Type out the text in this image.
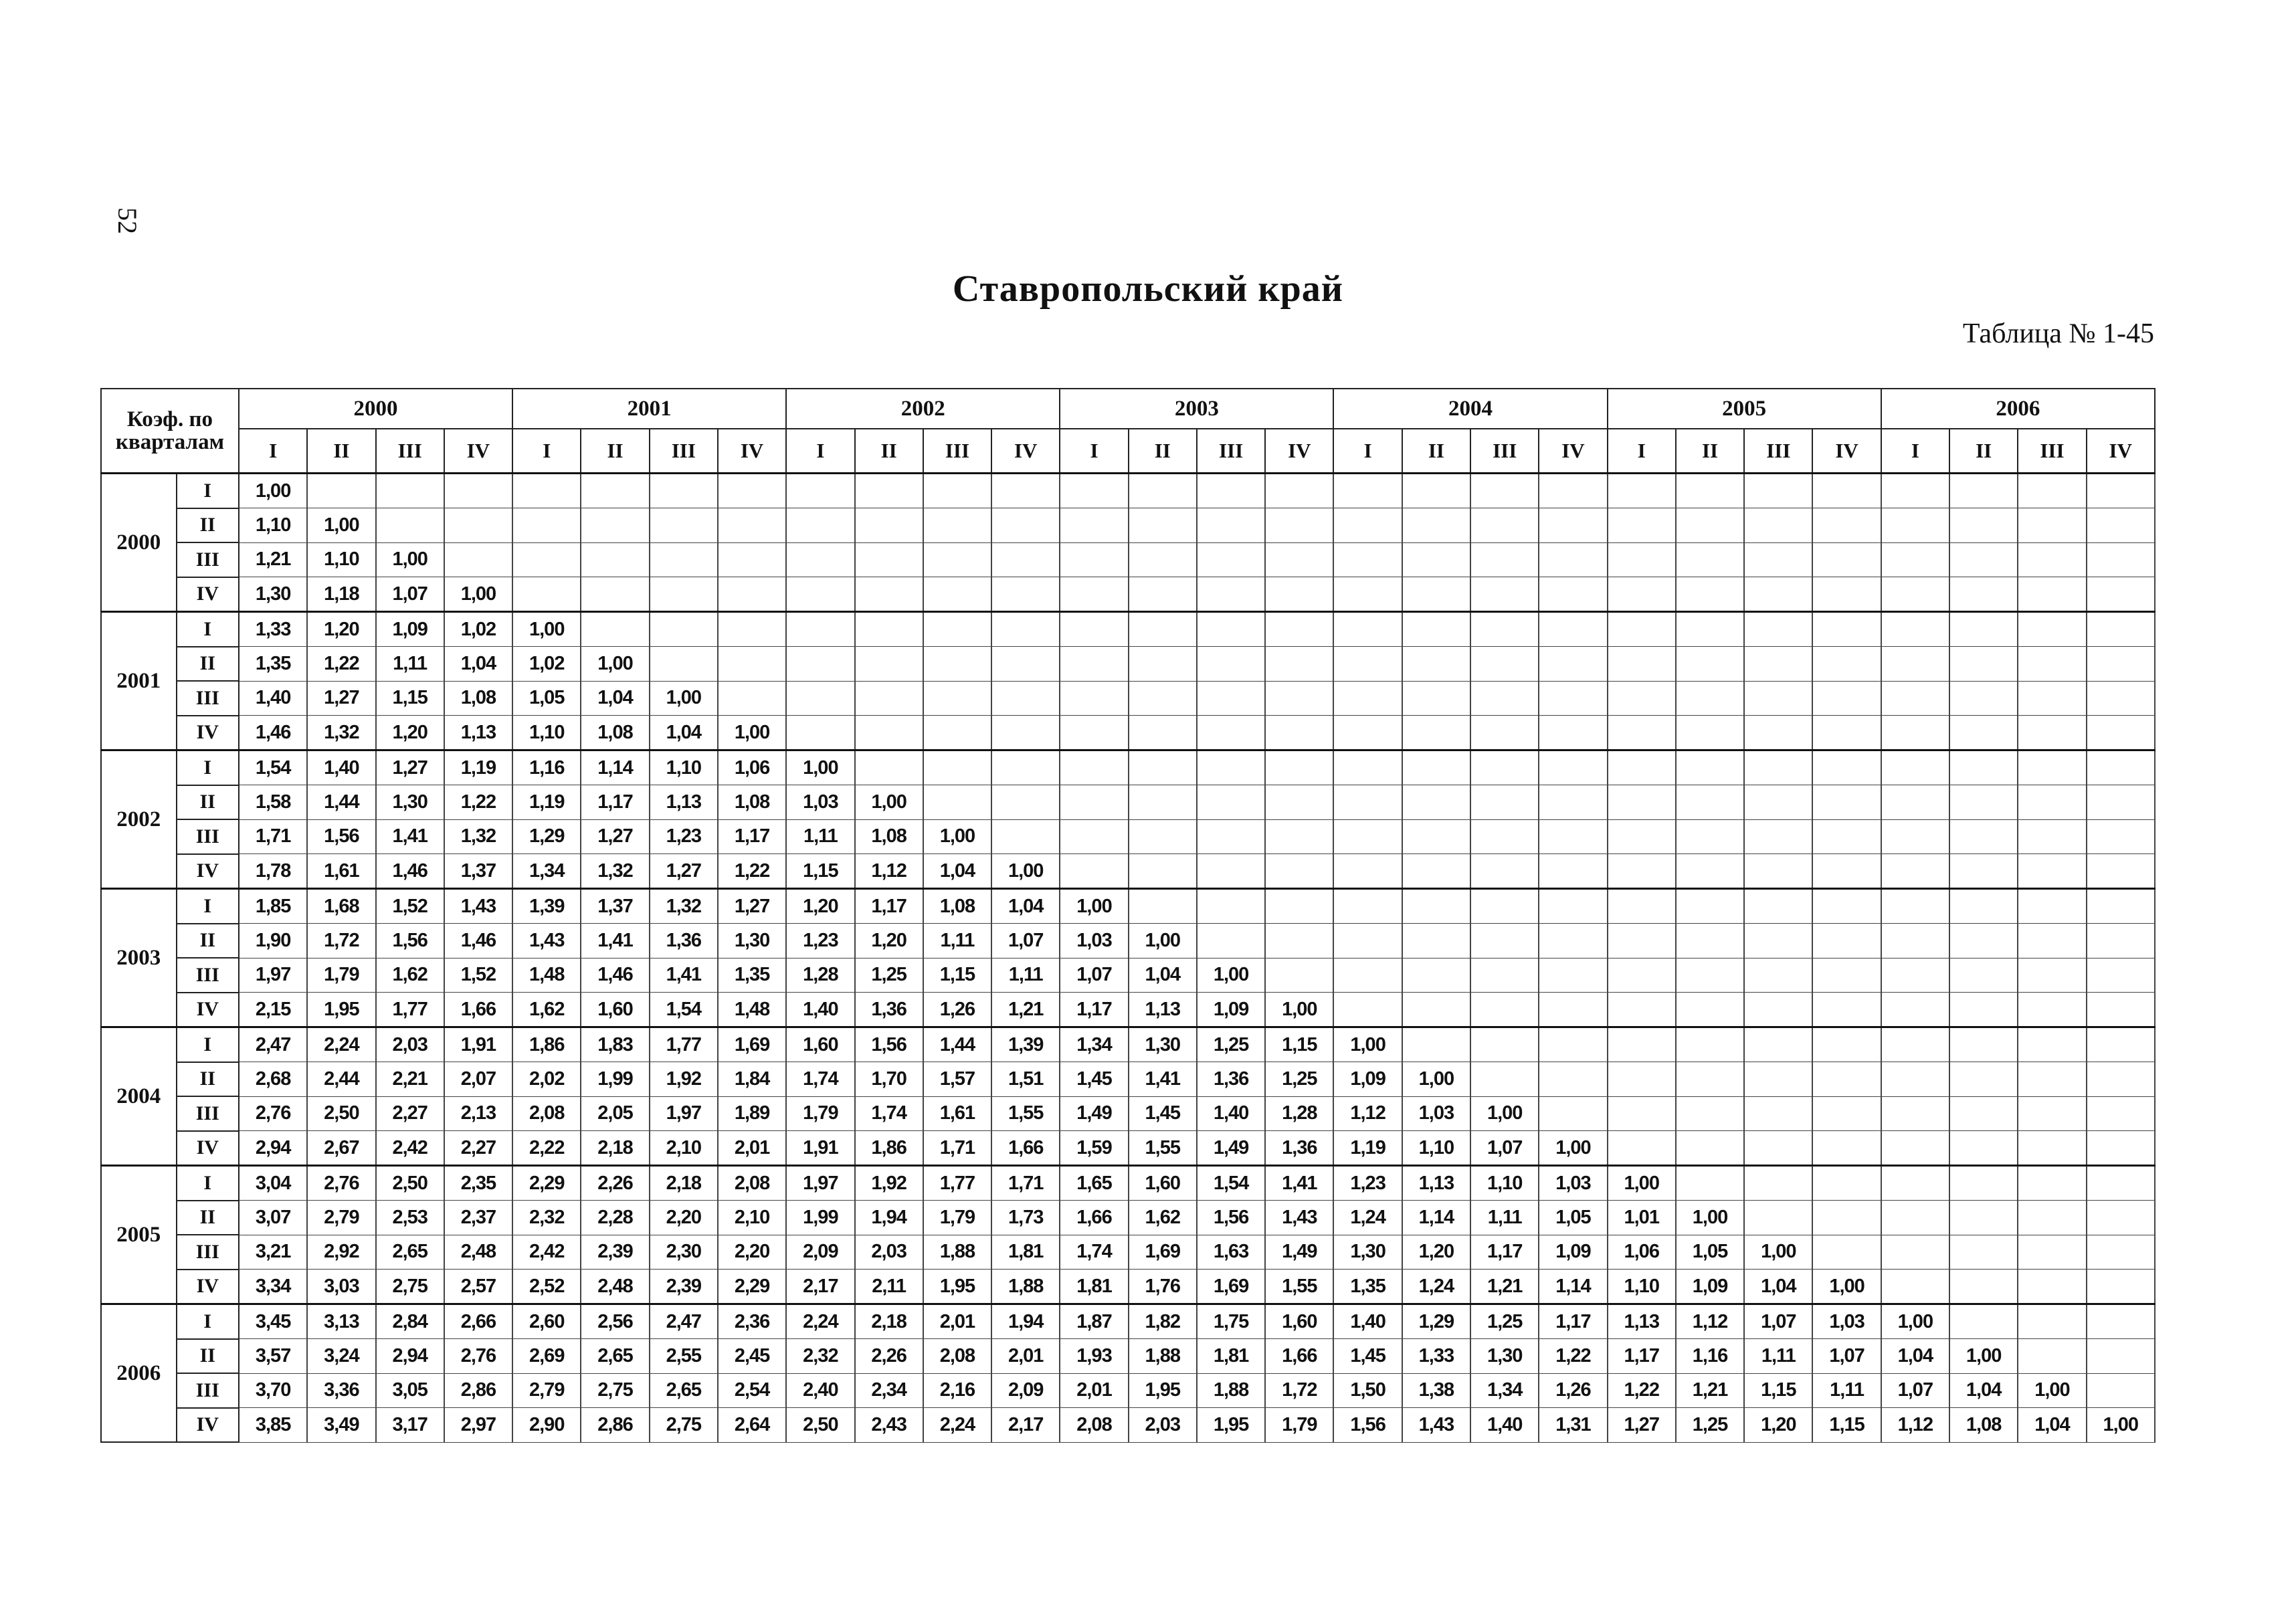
52
Ставропольский край
Таблица № 1-45
Коэф. по кварталам		2000				2001				2002				2003				2004				2005				2006			
		I	II	III	IV	I	II	III	IV	I	II	III	IV	I	II	III	IV	I	II	III	IV	I	II	III	IV	I	II	III	IV
2000	I	1,00																											
	II	1,10	1,00																										
	III	1,21	1,10	1,00																									
	IV	1,30	1,18	1,07	1,00																								
2001	I	1,33	1,20	1,09	1,02	1,00																							
	II	1,35	1,22	1,11	1,04	1,02	1,00																						
	III	1,40	1,27	1,15	1,08	1,05	1,04	1,00																					
	IV	1,46	1,32	1,20	1,13	1,10	1,08	1,04	1,00																				
2002	I	1,54	1,40	1,27	1,19	1,16	1,14	1,10	1,06	1,00																			
	II	1,58	1,44	1,30	1,22	1,19	1,17	1,13	1,08	1,03	1,00																		
	III	1,71	1,56	1,41	1,32	1,29	1,27	1,23	1,17	1,11	1,08	1,00																	
	IV	1,78	1,61	1,46	1,37	1,34	1,32	1,27	1,22	1,15	1,12	1,04	1,00																
2003	I	1,85	1,68	1,52	1,43	1,39	1,37	1,32	1,27	1,20	1,17	1,08	1,04	1,00															
	II	1,90	1,72	1,56	1,46	1,43	1,41	1,36	1,30	1,23	1,20	1,11	1,07	1,03	1,00														
	III	1,97	1,79	1,62	1,52	1,48	1,46	1,41	1,35	1,28	1,25	1,15	1,11	1,07	1,04	1,00													
	IV	2,15	1,95	1,77	1,66	1,62	1,60	1,54	1,48	1,40	1,36	1,26	1,21	1,17	1,13	1,09	1,00												
2004	I	2,47	2,24	2,03	1,91	1,86	1,83	1,77	1,69	1,60	1,56	1,44	1,39	1,34	1,30	1,25	1,15	1,00											
	II	2,68	2,44	2,21	2,07	2,02	1,99	1,92	1,84	1,74	1,70	1,57	1,51	1,45	1,41	1,36	1,25	1,09	1,00										
	III	2,76	2,50	2,27	2,13	2,08	2,05	1,97	1,89	1,79	1,74	1,61	1,55	1,49	1,45	1,40	1,28	1,12	1,03	1,00									
	IV	2,94	2,67	2,42	2,27	2,22	2,18	2,10	2,01	1,91	1,86	1,71	1,66	1,59	1,55	1,49	1,36	1,19	1,10	1,07	1,00								
2005	I	3,04	2,76	2,50	2,35	2,29	2,26	2,18	2,08	1,97	1,92	1,77	1,71	1,65	1,60	1,54	1,41	1,23	1,13	1,10	1,03	1,00							
	II	3,07	2,79	2,53	2,37	2,32	2,28	2,20	2,10	1,99	1,94	1,79	1,73	1,66	1,62	1,56	1,43	1,24	1,14	1,11	1,05	1,01	1,00						
	III	3,21	2,92	2,65	2,48	2,42	2,39	2,30	2,20	2,09	2,03	1,88	1,81	1,74	1,69	1,63	1,49	1,30	1,20	1,17	1,09	1,06	1,05	1,00					
	IV	3,34	3,03	2,75	2,57	2,52	2,48	2,39	2,29	2,17	2,11	1,95	1,88	1,81	1,76	1,69	1,55	1,35	1,24	1,21	1,14	1,10	1,09	1,04	1,00				
2006	I	3,45	3,13	2,84	2,66	2,60	2,56	2,47	2,36	2,24	2,18	2,01	1,94	1,87	1,82	1,75	1,60	1,40	1,29	1,25	1,17	1,13	1,12	1,07	1,03	1,00			
	II	3,57	3,24	2,94	2,76	2,69	2,65	2,55	2,45	2,32	2,26	2,08	2,01	1,93	1,88	1,81	1,66	1,45	1,33	1,30	1,22	1,17	1,16	1,11	1,07	1,04	1,00		
	III	3,70	3,36	3,05	2,86	2,79	2,75	2,65	2,54	2,40	2,34	2,16	2,09	2,01	1,95	1,88	1,72	1,50	1,38	1,34	1,26	1,22	1,21	1,15	1,11	1,07	1,04	1,00	
	IV	3,85	3,49	3,17	2,97	2,90	2,86	2,75	2,64	2,50	2,43	2,24	2,17	2,08	2,03	1,95	1,79	1,56	1,43	1,40	1,31	1,27	1,25	1,20	1,15	1,12	1,08	1,04	1,00
